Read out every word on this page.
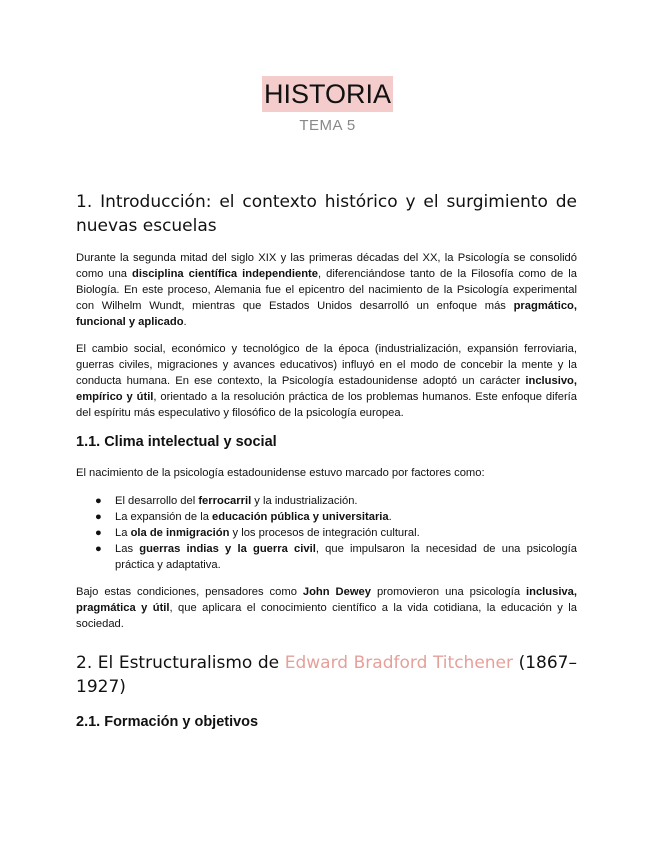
HISTORIA
TEMA 5
1. Introducción: el contexto histórico y el surgimiento de nuevas escuelas

Durante la segunda mitad del siglo XIX y las primeras décadas del XX, la Psicología se consolidó como una disciplina científica independiente, diferenciándose tanto de la Filosofía como de la Biología. En este proceso, Alemania fue el epicentro del nacimiento de la Psicología experimental con Wilhelm Wundt, mientras que Estados Unidos desarrolló un enfoque más pragmático, funcional y aplicado.

El cambio social, económico y tecnológico de la época (industrialización, expansión ferroviaria, guerras civiles, migraciones y avances educativos) influyó en el modo de concebir la mente y la conducta humana. En ese contexto, la Psicología estadounidense adoptó un carácter inclusivo, empírico y útil, orientado a la resolución práctica de los problemas humanos. Este enfoque difería del espíritu más especulativo y filosófico de la psicología europea.

1.1. Clima intelectual y social

El nacimiento de la psicología estadounidense estuvo marcado por factores como:

● El desarrollo del ferrocarril y la industrialización.
● La expansión de la educación pública y universitaria.
● La ola de inmigración y los procesos de integración cultural.
● Las guerras indias y la guerra civil, que impulsaron la necesidad de una psicología práctica y adaptativa.

Bajo estas condiciones, pensadores como John Dewey promovieron una psicología inclusiva, pragmática y útil, que aplicara el conocimiento científico a la vida cotidiana, la educación y la sociedad.

2. El Estructuralismo de Edward Bradford Titchener (1867–1927)
2.1. Formación y objetivos
